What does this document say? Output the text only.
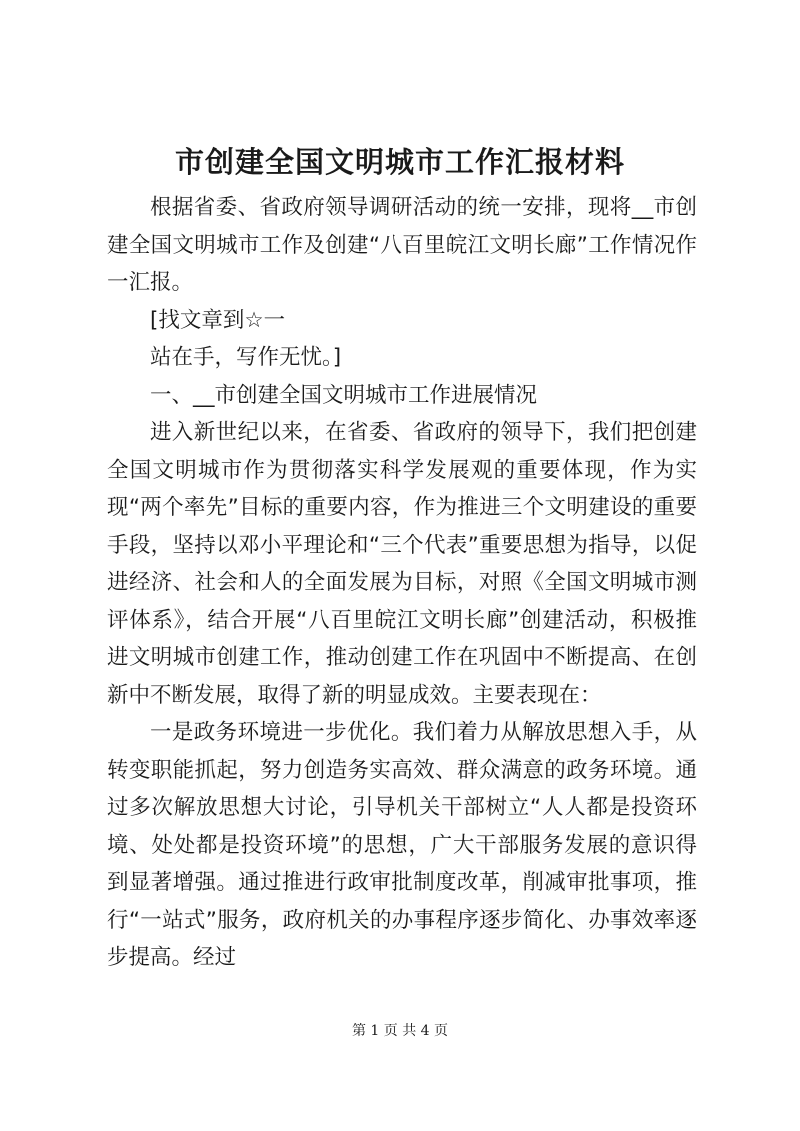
市创建全国文明城市工作汇报材料

根据省委、省政府领导调研活动的统一安排，现将__市创建全国文明城市工作及创建“八百里皖江文明长廊”工作情况作一汇报。

[找文章到☆一

站在手，写作无忧。]

一、__市创建全国文明城市工作进展情况

进入新世纪以来，在省委、省政府的领导下，我们把创建全国文明城市作为贯彻落实科学发展观的重要体现，作为实现“两个率先”目标的重要内容，作为推进三个文明建设的重要手段，坚持以邓小平理论和“三个代表”重要思想为指导，以促进经济、社会和人的全面发展为目标，对照《全国文明城市测评体系》，结合开展“八百里皖江文明长廊”创建活动，积极推进文明城市创建工作，推动创建工作在巩固中不断提高、在创新中不断发展，取得了新的明显成效。主要表现在：

一是政务环境进一步优化。我们着力从解放思想入手，从转变职能抓起，努力创造务实高效、群众满意的政务环境。通过多次解放思想大讨论，引导机关干部树立“人人都是投资环境、处处都是投资环境”的思想，广大干部服务发展的意识得到显著增强。通过推进行政审批制度改革，削减审批事项，推行“一站式”服务，政府机关的办事程序逐步简化、办事效率逐步提高。经过

第 1 页 共 4 页
